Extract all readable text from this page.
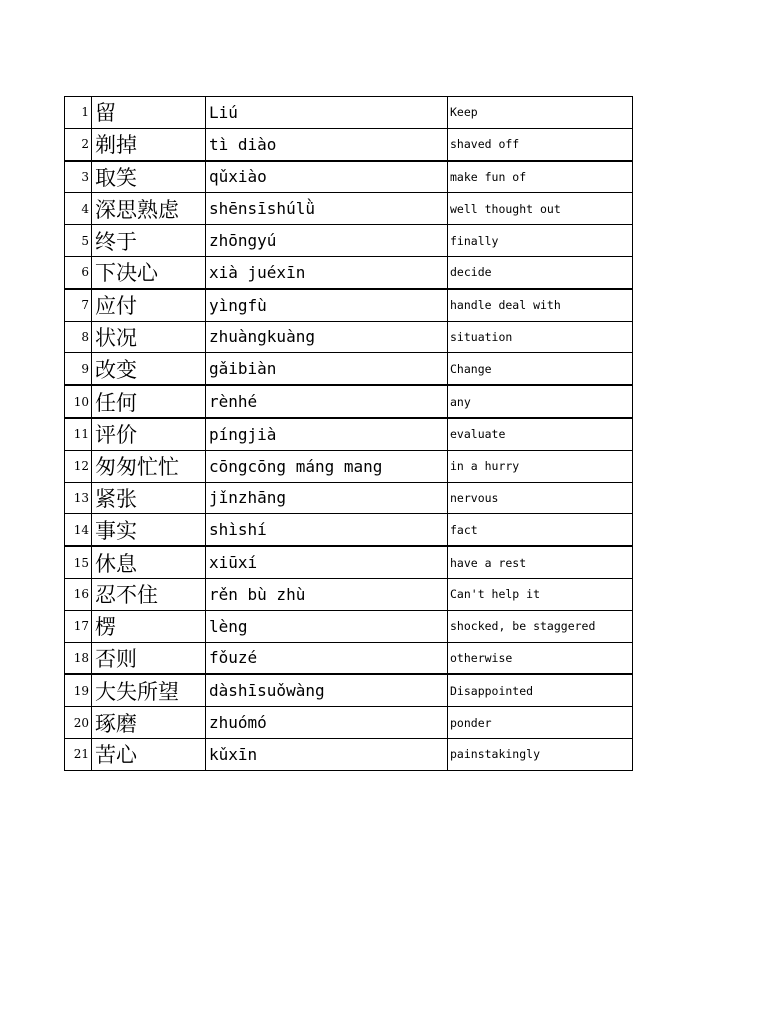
1	留	Liú	Keep
2	剃掉	tì diào	shaved off
3	取笑	qǔxiào	make fun of
4	深思熟虑	shēnsīshúlǜ	well thought out
5	终于	zhōngyú	finally
6	下决心	xià juéxīn	decide
7	应付	yìngfù	handle deal with
8	状况	zhuàngkuàng	situation
9	改变	gǎibiàn	Change
10	任何	rènhé	any
11	评价	píngjià	evaluate
12	匆匆忙忙	cōngcōng máng mang	in a hurry
13	紧张	jǐnzhāng	nervous
14	事实	shìshí	fact
15	休息	xiūxí	have a rest
16	忍不住	rěn bù zhù	Can't help it
17	楞	lèng	shocked, be staggered
18	否则	fǒuzé	otherwise
19	大失所望	dàshīsuǒwàng	Disappointed
20	琢磨	zhuómó	ponder
21	苦心	kǔxīn	painstakingly
